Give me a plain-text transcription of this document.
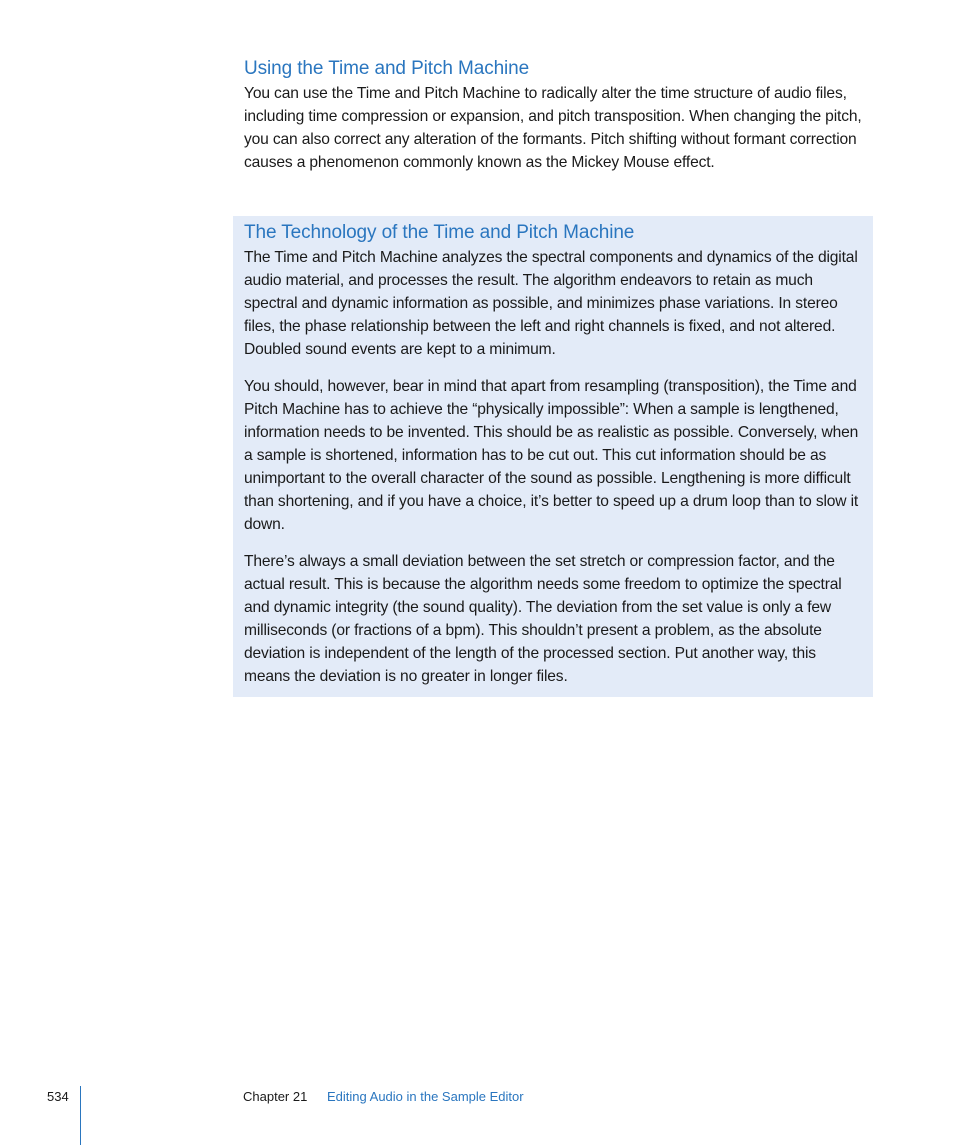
Using the Time and Pitch Machine

You can use the Time and Pitch Machine to radically alter the time structure of audio files, including time compression or expansion, and pitch transposition. When changing the pitch, you can also correct any alteration of the formants. Pitch shifting without formant correction causes a phenomenon commonly known as the Mickey Mouse effect.

The Technology of the Time and Pitch Machine

The Time and Pitch Machine analyzes the spectral components and dynamics of the digital audio material, and processes the result. The algorithm endeavors to retain as much spectral and dynamic information as possible, and minimizes phase variations. In stereo files, the phase relationship between the left and right channels is fixed, and not altered. Doubled sound events are kept to a minimum.

You should, however, bear in mind that apart from resampling (transposition), the Time and Pitch Machine has to achieve the “physically impossible”: When a sample is lengthened, information needs to be invented. This should be as realistic as possible. Conversely, when a sample is shortened, information has to be cut out. This cut information should be as unimportant to the overall character of the sound as possible. Lengthening is more difficult than shortening, and if you have a choice, it’s better to speed up a drum loop than to slow it down.

There’s always a small deviation between the set stretch or compression factor, and the actual result. This is because the algorithm needs some freedom to optimize the spectral and dynamic integrity (the sound quality). The deviation from the set value is only a few milliseconds (or fractions of a bpm). This shouldn’t present a problem, as the absolute deviation is independent of the length of the processed section. Put another way, this means the deviation is no greater in longer files.

534	Chapter 21 Editing Audio in the Sample Editor
